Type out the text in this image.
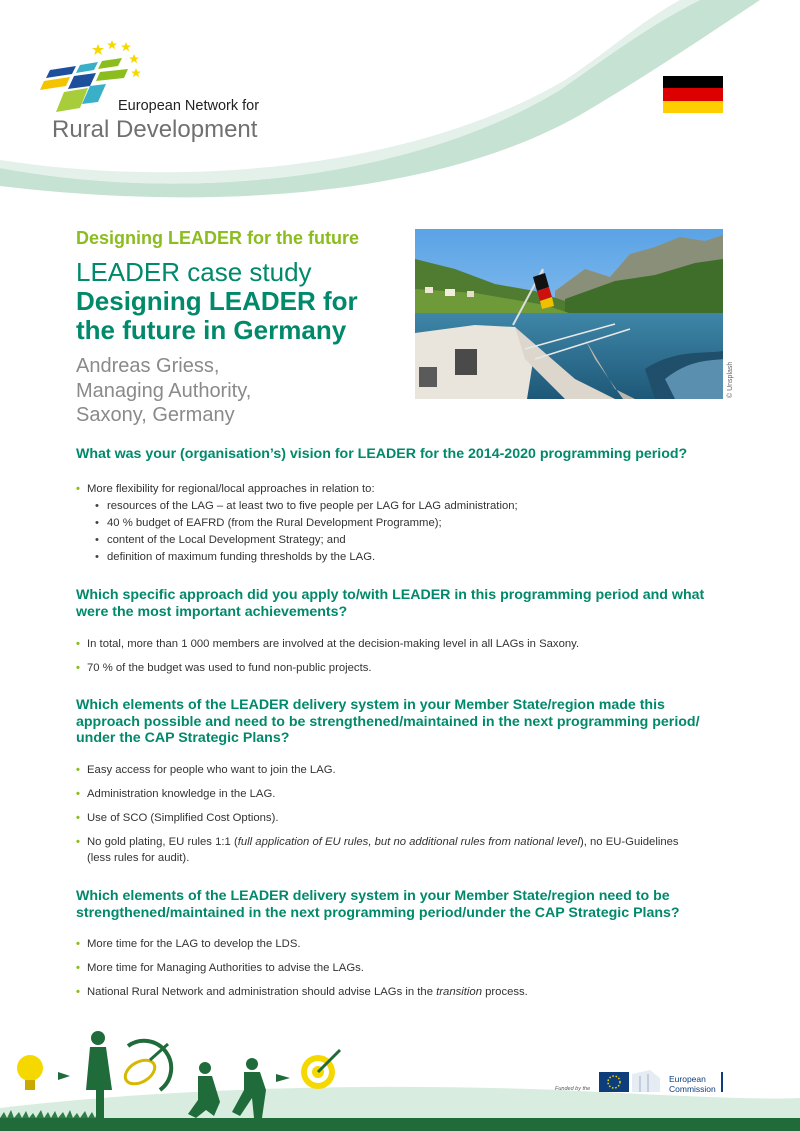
European Network for
Rural Development
Designing LEADER for the future
LEADER case study
Designing LEADER for
the future in Germany
Andreas Griess,
Managing Authority,
Saxony, Germany
© Unsplash
What was your (organisation’s) vision for LEADER for the 2014-2020 programming period?
• More flexibility for regional/local approaches in relation to:
• resources of the LAG – at least two to five people per LAG for LAG administration;
• 40 % budget of EAFRD (from the Rural Development Programme);
• content of the Local Development Strategy; and
• definition of maximum funding thresholds by the LAG.
Which specific approach did you apply to/with LEADER in this programming period and what
were the most important achievements?
• In total, more than 1 000 members are involved at the decision-making level in all LAGs in Saxony.
• 70 % of the budget was used to fund non-public projects.
Which elements of the LEADER delivery system in your Member State/region made this
approach possible and need to be strengthened/maintained in the next programming period/
under the CAP Strategic Plans?
• Easy access for people who want to join the LAG.
• Administration knowledge in the LAG.
• Use of SCO (Simplified Cost Options).
• No gold plating, EU rules 1:1 (full application of EU rules, but no additional rules from national level), no EU-Guidelines
(less rules for audit).
Which elements of the LEADER delivery system in your Member State/region need to be
strengthened/maintained in the next programming period/under the CAP Strategic Plans?
• More time for the LAG to develop the LDS.
• More time for Managing Authorities to advise the LAGs.
• National Rural Network and administration should advise LAGs in the transition process.
Funded by the
European
Commission
